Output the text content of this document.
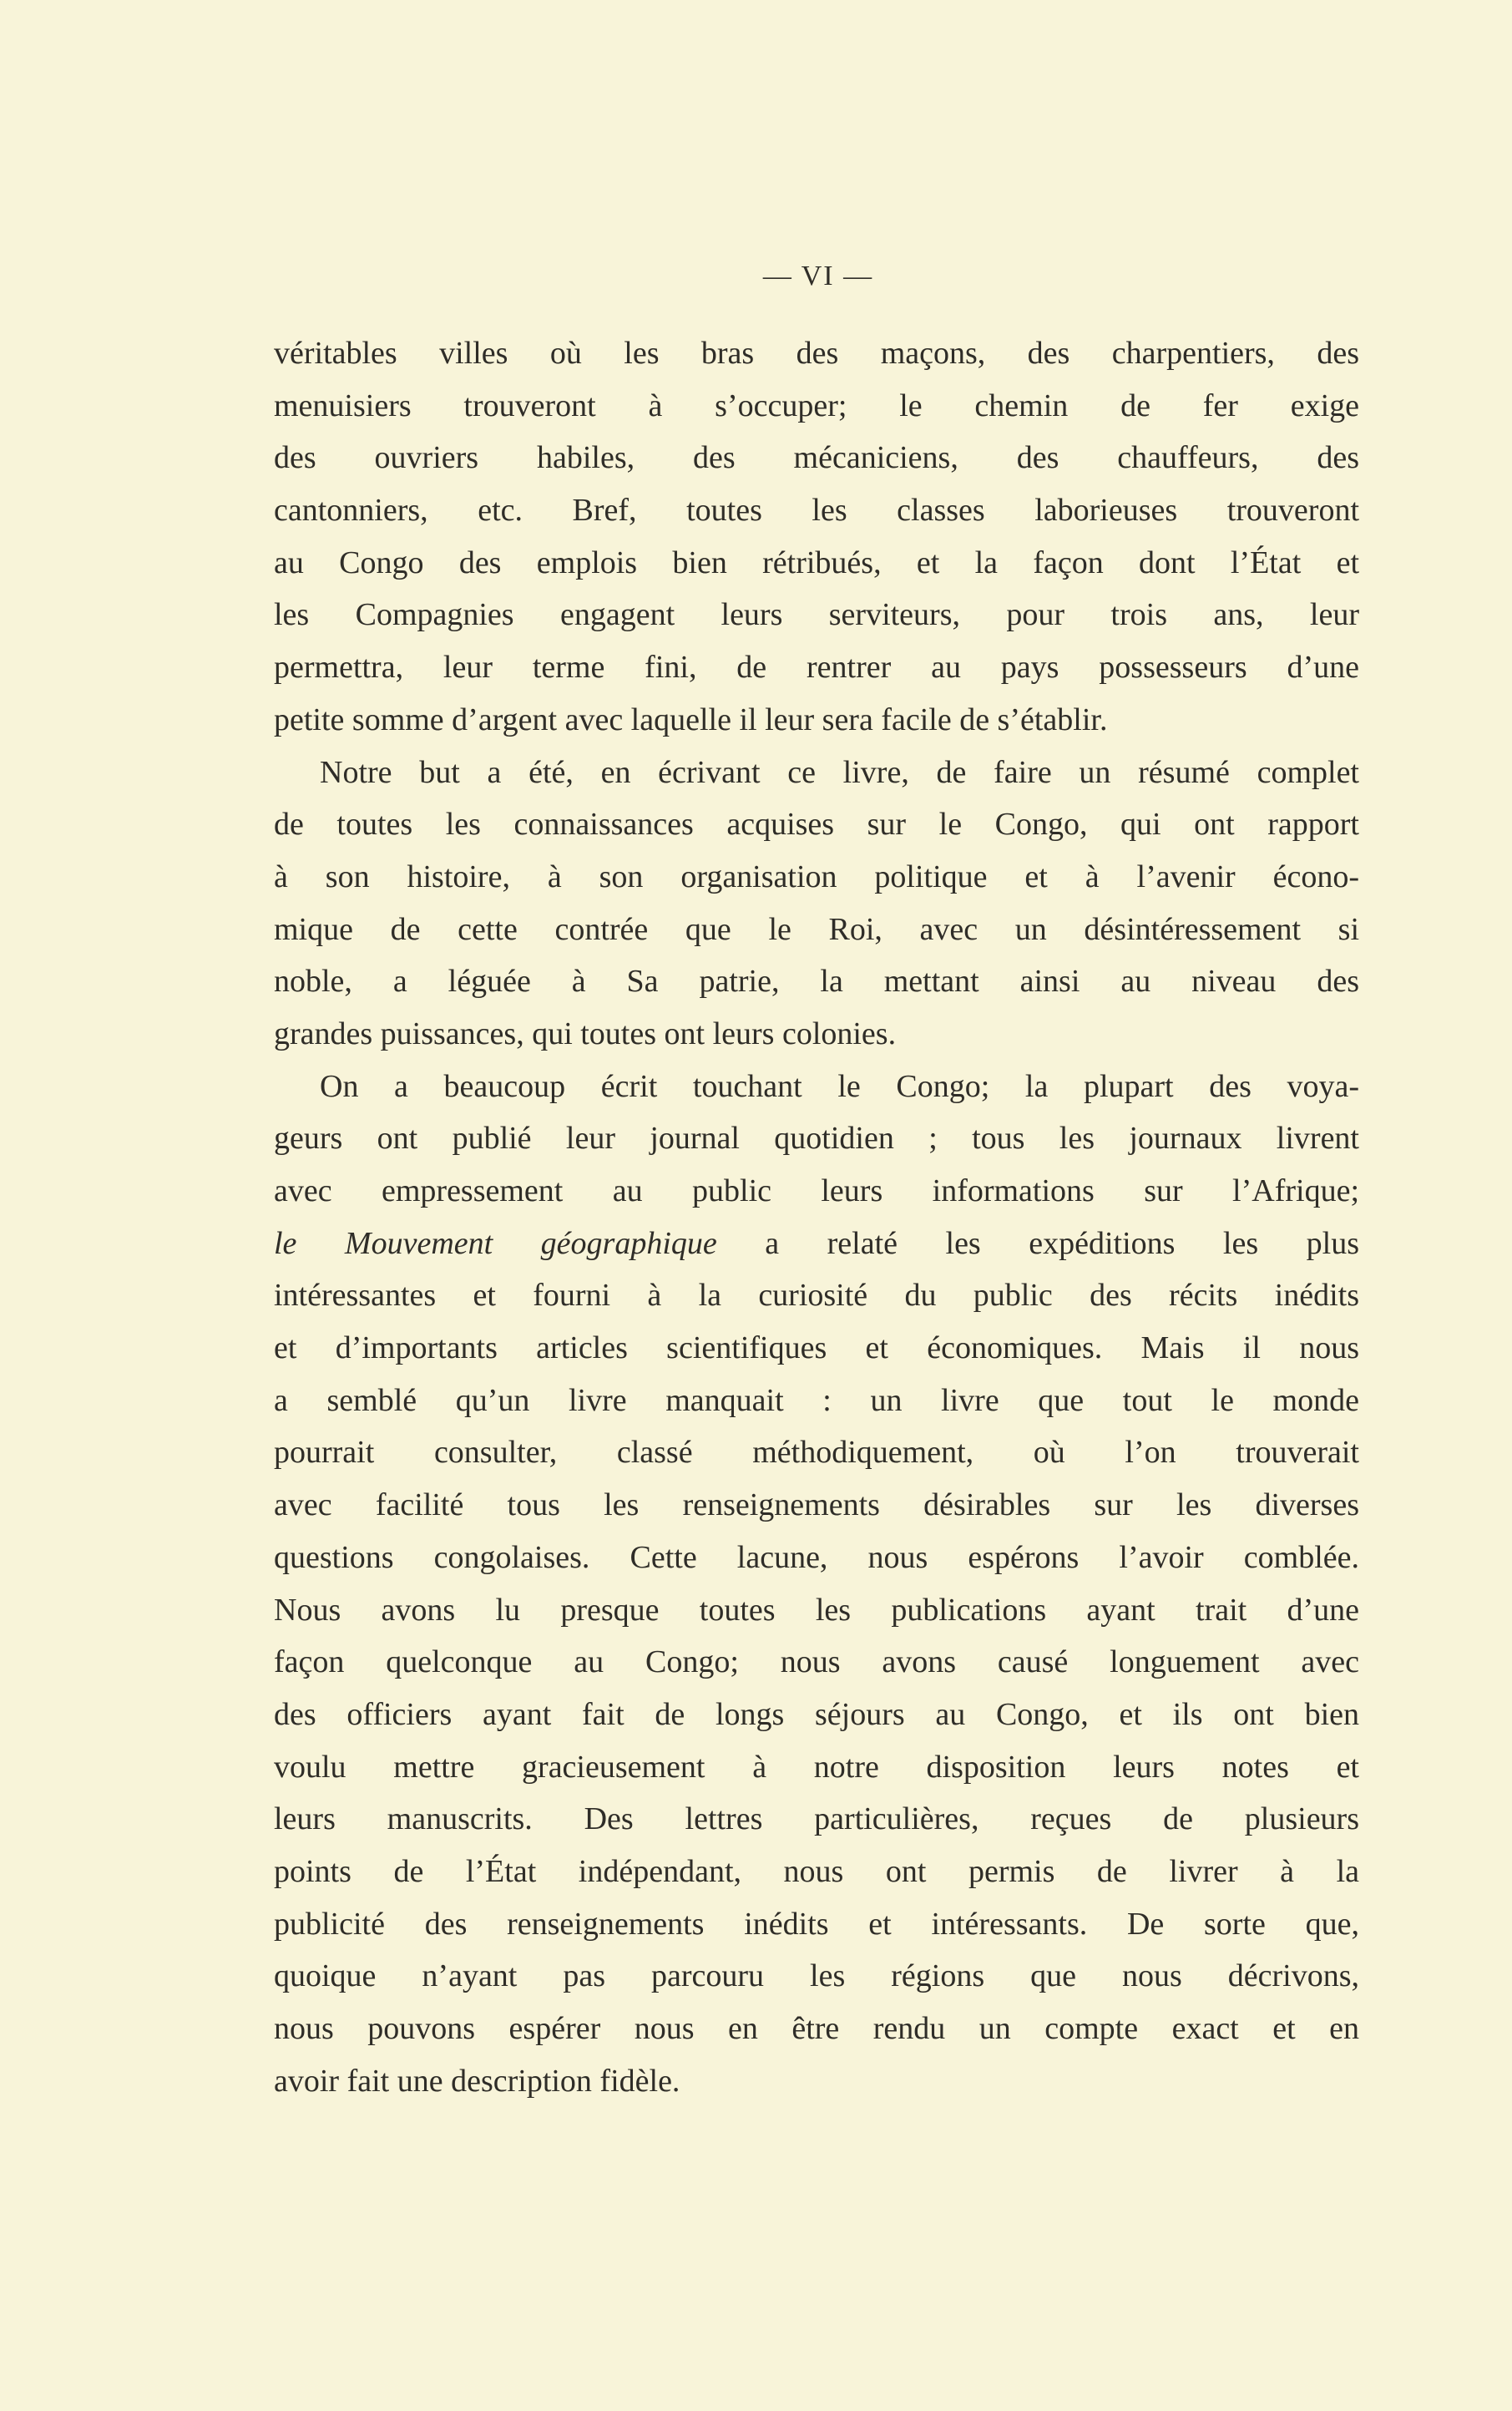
— VI —
véritables villes où les bras des maçons, des charpentiers, des
menuisiers trouveront à s’occuper; le chemin de fer exige
des ouvriers habiles, des mécaniciens, des chauffeurs, des
cantonniers, etc. Bref, toutes les classes laborieuses trouveront
au Congo des emplois bien rétribués, et la façon dont l’État et
les Compagnies engagent leurs serviteurs, pour trois ans, leur
permettra, leur terme fini, de rentrer au pays possesseurs d’une
petite somme d’argent avec laquelle il leur sera facile de s’établir.
Notre but a été, en écrivant ce livre, de faire un résumé complet
de toutes les connaissances acquises sur le Congo, qui ont rapport
à son histoire, à son organisation politique et à l’avenir écono-
mique de cette contrée que le Roi, avec un désintéressement si
noble, a léguée à Sa patrie, la mettant ainsi au niveau des
grandes puissances, qui toutes ont leurs colonies.
On a beaucoup écrit touchant le Congo; la plupart des voya-
geurs ont publié leur journal quotidien ; tous les journaux livrent
avec empressement au public leurs informations sur l’Afrique;
le Mouvement géographique a relaté les expéditions les plus
intéressantes et fourni à la curiosité du public des récits inédits
et d’importants articles scientifiques et économiques. Mais il nous
a semblé qu’un livre manquait : un livre que tout le monde
pourrait consulter, classé méthodiquement, où l’on trouverait
avec facilité tous les renseignements désirables sur les diverses
questions congolaises. Cette lacune, nous espérons l’avoir comblée.
Nous avons lu presque toutes les publications ayant trait d’une
façon quelconque au Congo; nous avons causé longuement avec
des officiers ayant fait de longs séjours au Congo, et ils ont bien
voulu mettre gracieusement à notre disposition leurs notes et
leurs manuscrits. Des lettres particulières, reçues de plusieurs
points de l’État indépendant, nous ont permis de livrer à la
publicité des renseignements inédits et intéressants. De sorte que,
quoique n’ayant pas parcouru les régions que nous décrivons,
nous pouvons espérer nous en être rendu un compte exact et en
avoir fait une description fidèle.
